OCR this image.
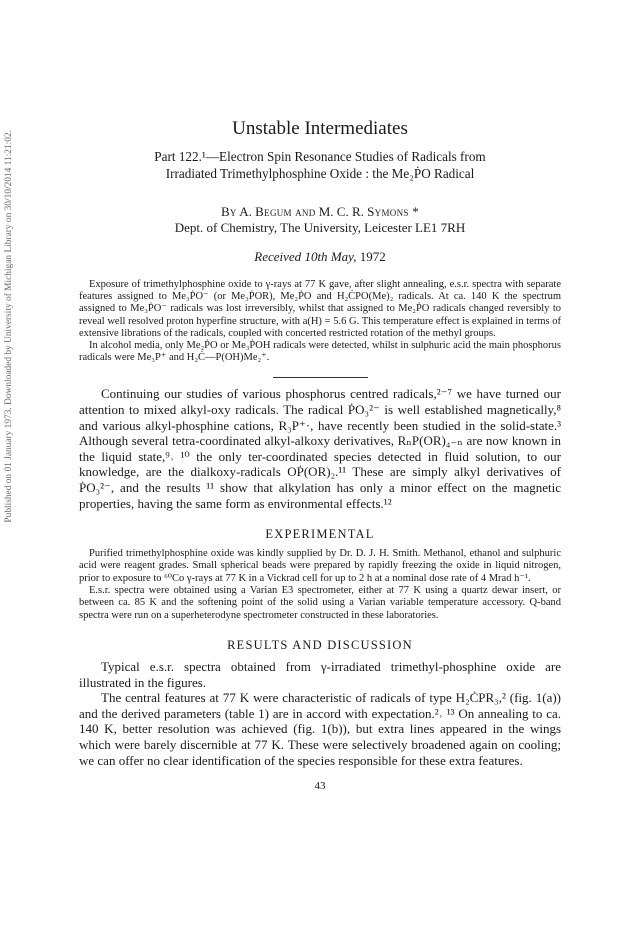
Published on 01 January 1973. Downloaded by University of Michigan Library on 30/10/2014 11:21:02.
Unstable Intermediates
Part 122.¹—Electron Spin Resonance Studies of Radicals from
Irradiated Trimethylphosphine Oxide : the Me₂ṖO Radical
By A. Begum and M. C. R. Symons *
Dept. of Chemistry, The University, Leicester LE1 7RH
Received 10th May, 1972

Exposure of trimethylphosphine oxide to γ-rays at 77 K gave, after slight annealing, e.s.r. spectra with separate features assigned to Me₃ṖO⁻ (or Me₃ṖOR), Me₂ṖO and H₂ĊPO(Me)₂ radicals. At ca. 140 K the spectrum assigned to Me₃ṖO⁻ radicals was lost irreversibly, whilst that assigned to Me₂ṖO radicals changed reversibly to reveal well resolved proton hyperfine structure, with a(H) = 5.6 G. This temperature effect is explained in terms of extensive librations of the radicals, coupled with concerted restricted rotation of the methyl groups.

In alcohol media, only Me₂ṖO or Me₃ṖOH radicals were detected, whilst in sulphuric acid the main phosphorus radicals were Me₃P⁺ and H₂Ċ—P(OH)Me₂⁺.

Continuing our studies of various phosphorus centred radicals,²⁻⁷ we have turned our attention to mixed alkyl-oxy radicals. The radical ṖO₃²⁻ is well established magnetically,⁸ and various alkyl-phosphine cations, R₃P⁺·, have recently been studied in the solid-state.³ Although several tetra-coordinated alkyl-alkoxy derivatives, RₙP(OR)₄₋ₙ are now known in the liquid state,⁹˒ ¹⁰ the only ter-coordinated species detected in fluid solution, to our knowledge, are the dialkoxy-radicals OṖ(OR)₂.¹¹ These are simply alkyl derivatives of ṖO₃²⁻, and the results ¹¹ show that alkylation has only a minor effect on the magnetic properties, having the same form as environmental effects.¹²

EXPERIMENTAL

Purified trimethylphosphine oxide was kindly supplied by Dr. D. J. H. Smith. Methanol, ethanol and sulphuric acid were reagent grades. Small spherical beads were prepared by rapidly freezing the oxide in liquid nitrogen, prior to exposure to ⁶⁰Co γ-rays at 77 K in a Vickrad cell for up to 2 h at a nominal dose rate of 4 Mrad h⁻¹.

E.s.r. spectra were obtained using a Varian E3 spectrometer, either at 77 K using a quartz dewar insert, or between ca. 85 K and the softening point of the solid using a Varian variable temperature accessory. Q-band spectra were run on a superheterodyne spectrometer constructed in these laboratories.

RESULTS AND DISCUSSION

Typical e.s.r. spectra obtained from γ-irradiated trimethyl-phosphine oxide are illustrated in the figures.

The central features at 77 K were characteristic of radicals of type H₂ĊPR₃,² (fig. 1(a)) and the derived parameters (table 1) are in accord with expectation.²˒ ¹³ On annealing to ca. 140 K, better resolution was achieved (fig. 1(b)), but extra lines appeared in the wings which were barely discernible at 77 K. These were selectively broadened again on cooling; we can offer no clear identification of the species responsible for these extra features.

43
